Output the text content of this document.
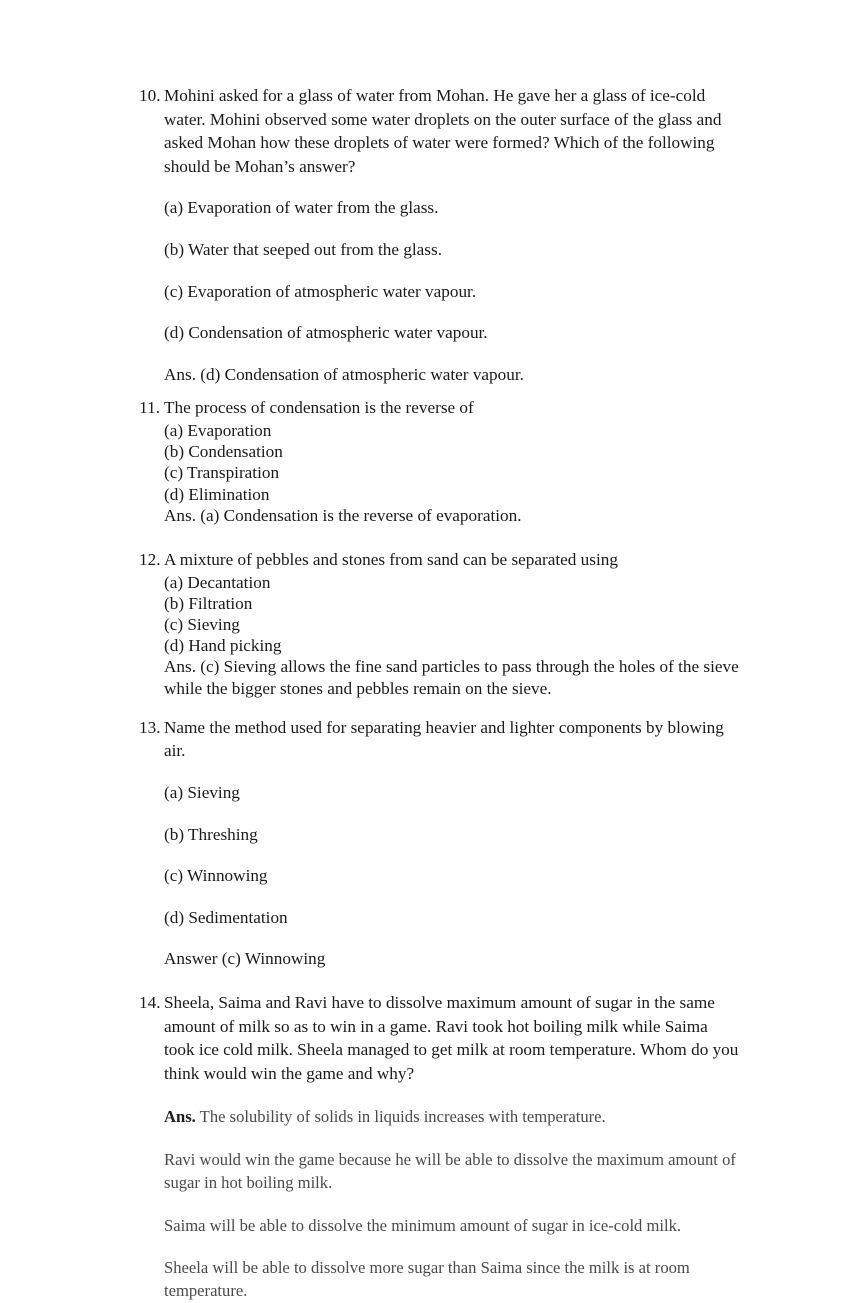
10. Mohini asked for a glass of water from Mohan. He gave her a glass of ice-cold water. Mohini observed some water droplets on the outer surface of the glass and asked Mohan how these droplets of water were formed? Which of the following should be Mohan’s answer?
(a) Evaporation of water from the glass.
(b) Water that seeped out from the glass.
(c) Evaporation of atmospheric water vapour.
(d) Condensation of atmospheric water vapour.
Ans. (d) Condensation of atmospheric water vapour.
11. The process of condensation is the reverse of
(a) Evaporation
(b) Condensation
(c) Transpiration
(d) Elimination
Ans. (a) Condensation is the reverse of evaporation.
12. A mixture of pebbles and stones from sand can be separated using
(a) Decantation
(b) Filtration
(c) Sieving
(d) Hand picking
Ans. (c) Sieving allows the fine sand particles to pass through the holes of the sieve while the bigger stones and pebbles remain on the sieve.
13. Name the method used for separating heavier and lighter components by blowing air.
(a) Sieving
(b) Threshing
(c) Winnowing
(d) Sedimentation
Answer (c) Winnowing
14. Sheela, Saima and Ravi have to dissolve maximum amount of sugar in the same amount of milk so as to win in a game. Ravi took hot boiling milk while Saima took ice cold milk. Sheela managed to get milk at room temperature. Whom do you think would win the game and why?
Ans. The solubility of solids in liquids increases with temperature.
Ravi would win the game because he will be able to dissolve the maximum amount of sugar in hot boiling milk.
Saima will be able to dissolve the minimum amount of sugar in ice-cold milk.
Sheela will be able to dissolve more sugar than Saima since the milk is at room temperature.
